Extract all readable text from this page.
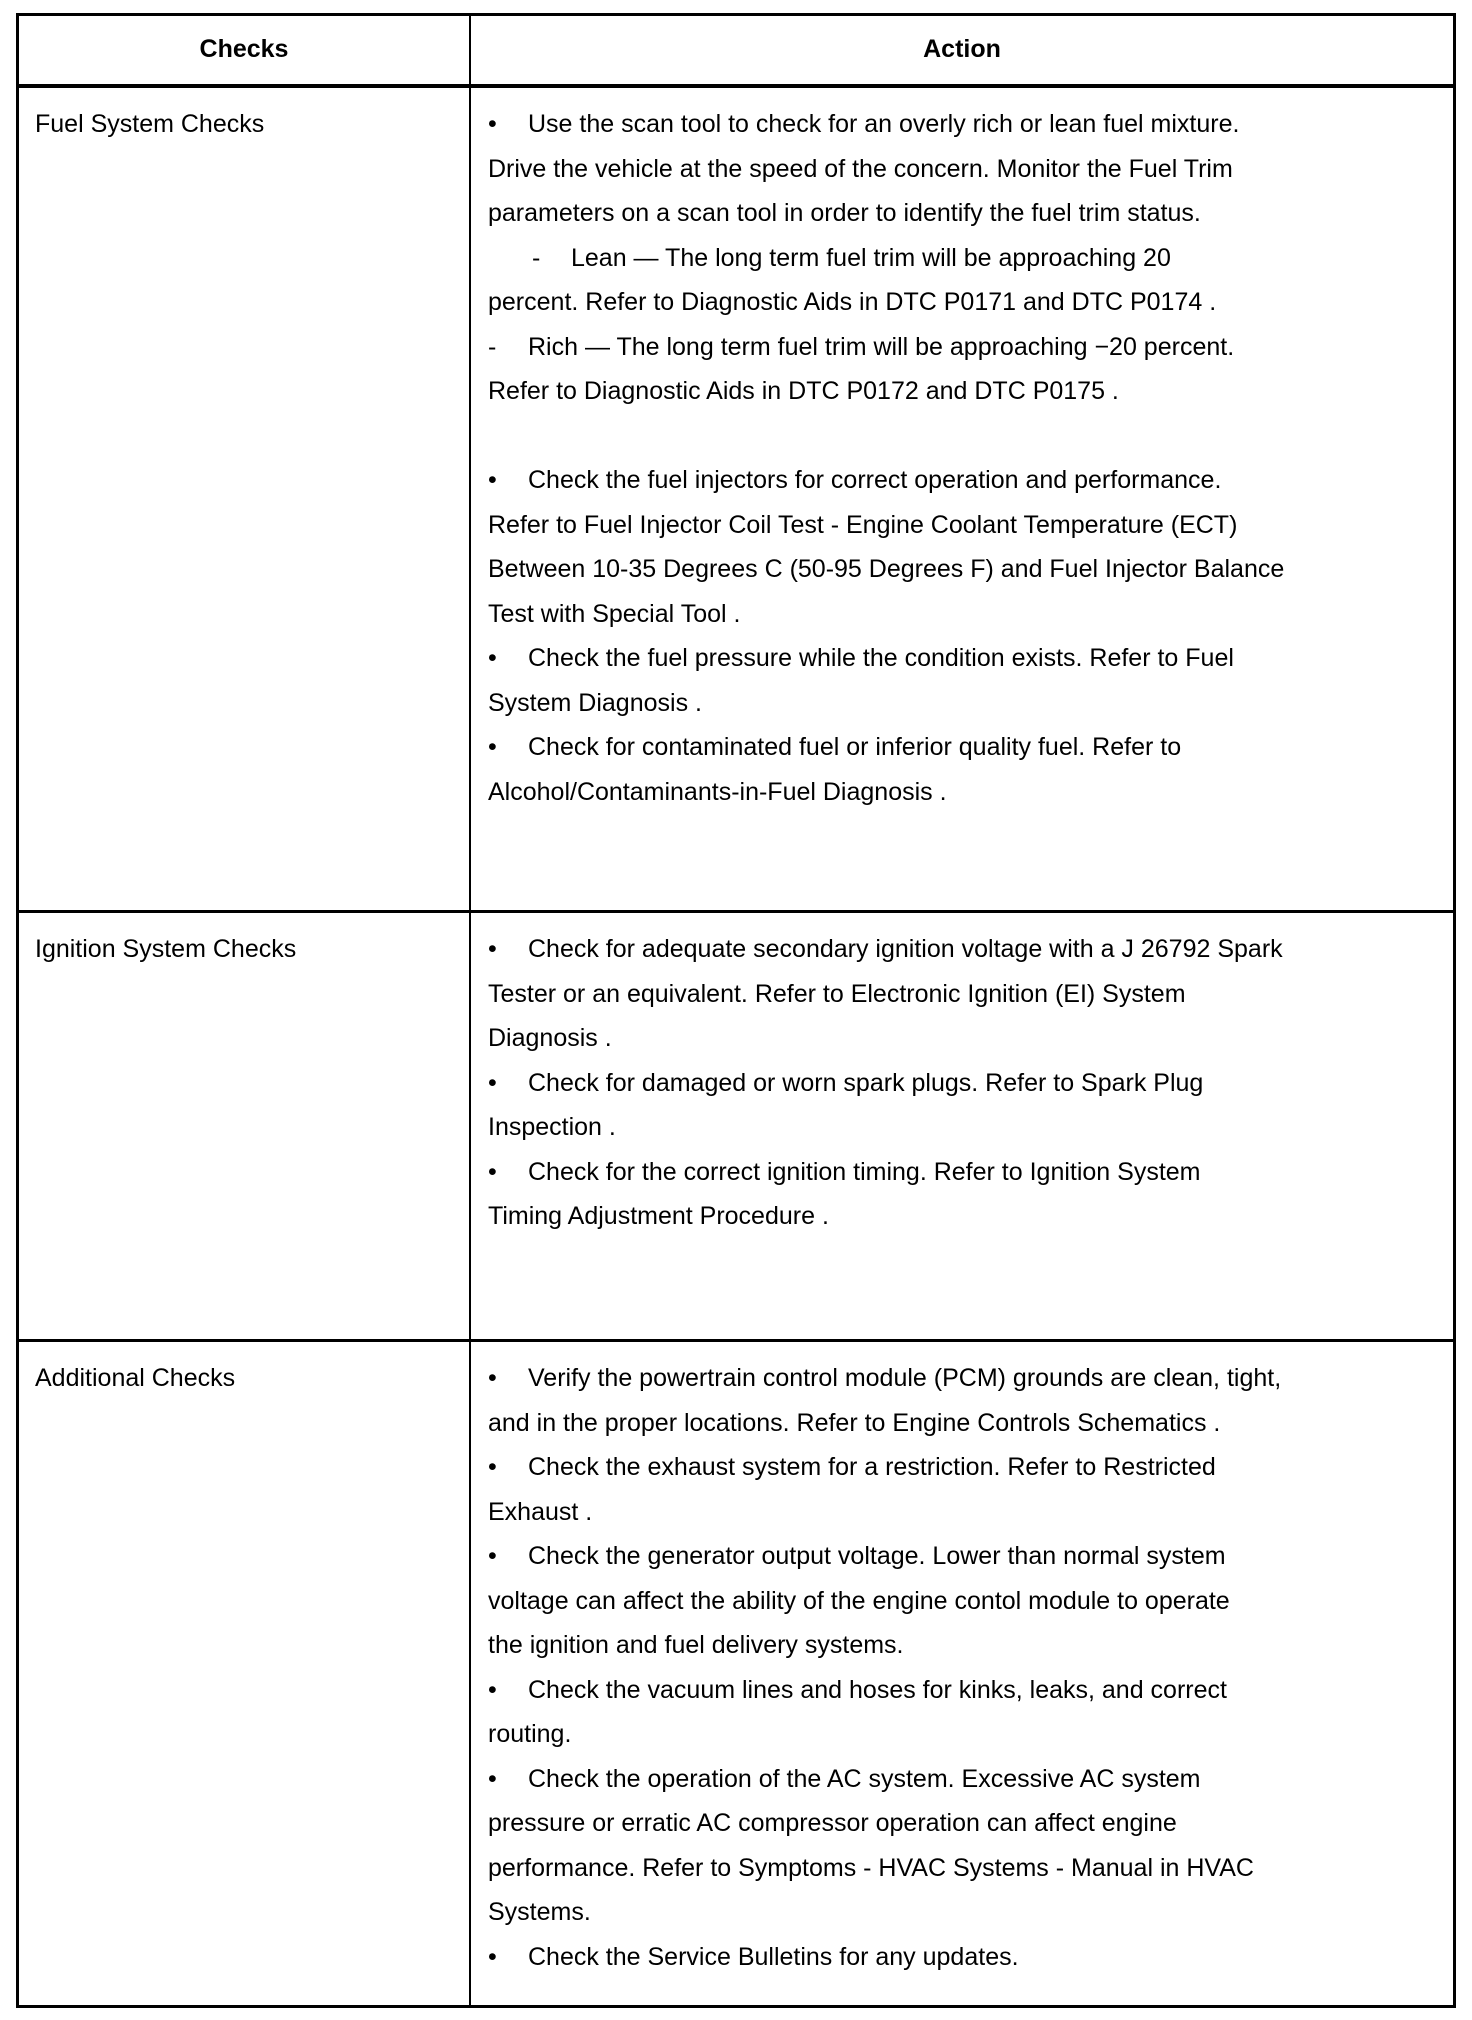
Checks	Action
Fuel System Checks	• Use the scan tool to check for an overly rich or lean fuel mixture.
Drive the vehicle at the speed of the concern. Monitor the Fuel Trim
parameters on a scan tool in order to identify the fuel trim status.
- Lean — The long term fuel trim will be approaching 20
percent. Refer to Diagnostic Aids in DTC P0171 and DTC P0174 .
- Rich — The long term fuel trim will be approaching −20 percent.
Refer to Diagnostic Aids in DTC P0172 and DTC P0175 .
• Check the fuel injectors for correct operation and performance.
Refer to Fuel Injector Coil Test - Engine Coolant Temperature (ECT)
Between 10-35 Degrees C (50-95 Degrees F) and Fuel Injector Balance
Test with Special Tool .
• Check the fuel pressure while the condition exists. Refer to Fuel
System Diagnosis .
• Check for contaminated fuel or inferior quality fuel. Refer to
Alcohol/Contaminants-in-Fuel Diagnosis .
Ignition System Checks	• Check for adequate secondary ignition voltage with a J 26792 Spark
Tester or an equivalent. Refer to Electronic Ignition (EI) System
Diagnosis .
• Check for damaged or worn spark plugs. Refer to Spark Plug
Inspection .
• Check for the correct ignition timing. Refer to Ignition System
Timing Adjustment Procedure .
Additional Checks	• Verify the powertrain control module (PCM) grounds are clean, tight,
and in the proper locations. Refer to Engine Controls Schematics .
• Check the exhaust system for a restriction. Refer to Restricted
Exhaust .
• Check the generator output voltage. Lower than normal system
voltage can affect the ability of the engine contol module to operate
the ignition and fuel delivery systems.
• Check the vacuum lines and hoses for kinks, leaks, and correct
routing.
• Check the operation of the AC system. Excessive AC system
pressure or erratic AC compressor operation can affect engine
performance. Refer to Symptoms - HVAC Systems - Manual in HVAC
Systems.
• Check the Service Bulletins for any updates.
